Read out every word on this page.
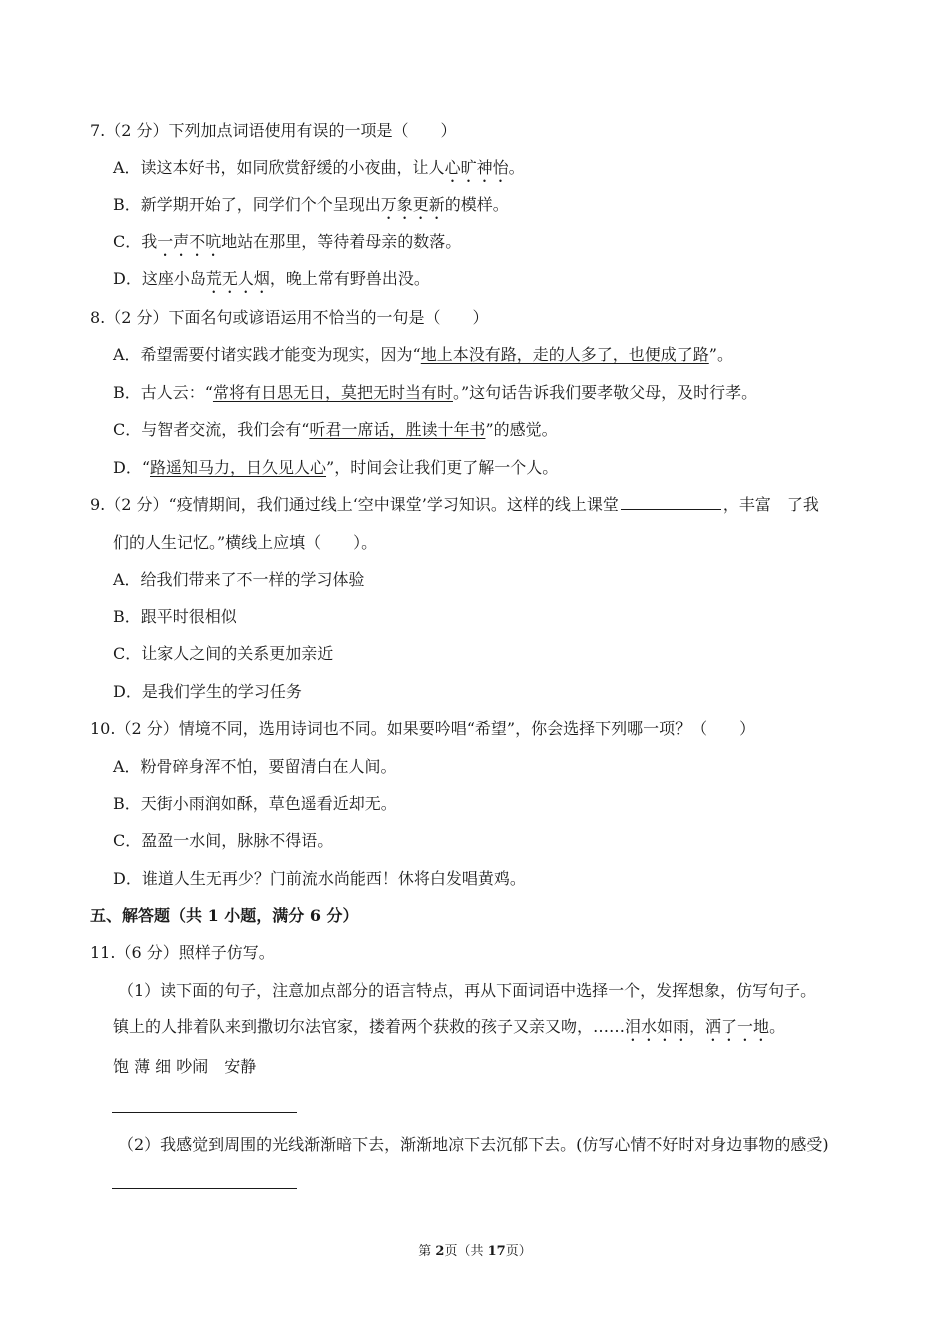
7.（2 分）下列加点词语使用有误的一项是（　　）
A．读这本好书，如同欣赏舒缓的小夜曲，让人心旷神怡。
B．新学期开始了，同学们个个呈现出万象更新的模样。
C．我一声不吭地站在那里，等待着母亲的数落。
D．这座小岛荒无人烟，晚上常有野兽出没。
8.（2 分）下面名句或谚语运用不恰当的一句是（　　）
A．希望需要付诸实践才能变为现实，因为“地上本没有路，走的人多了，也便成了路”。
B．古人云：“常将有日思无日，莫把无时当有时。”这句话告诉我们要孝敬父母，及时行孝。
C．与智者交流，我们会有“听君一席话，胜读十年书”的感觉。
D．“路遥知马力，日久见人心”，时间会让我们更了解一个人。
9.（2 分）“疫情期间，我们通过线上‘空中课堂’学习知识。这样的线上课堂	，丰富　了我
们的人生记忆。”横线上应填（　　）。
A．给我们带来了不一样的学习体验
B．跟平时很相似
C．让家人之间的关系更加亲近
D．是我们学生的学习任务
10.（2 分）情境不同，选用诗词也不同。如果要吟唱“希望”，你会选择下列哪一项？（　　）
A．粉骨碎身浑不怕，要留清白在人间。
B．天街小雨润如酥，草色遥看近却无。
C．盈盈一水间，脉脉不得语。
D．谁道人生无再少？门前流水尚能西！休将白发唱黄鸡。
五、解答题（共 1 小题，满分 6 分）
11.（6 分）照样子仿写。
（1）读下面的句子，注意加点部分的语言特点，再从下面词语中选择一个，发挥想象，仿写句子。
镇上的人排着队来到撒切尔法官家，搂着两个获救的孩子又亲又吻，……泪水如雨，洒了一地。
饱 薄 细 吵闹　安静
（2）我感觉到周围的光线渐渐暗下去，渐渐地凉下去沉郁下去。(仿写心情不好时对身边事物的感受)
第 2页（共 17页）
